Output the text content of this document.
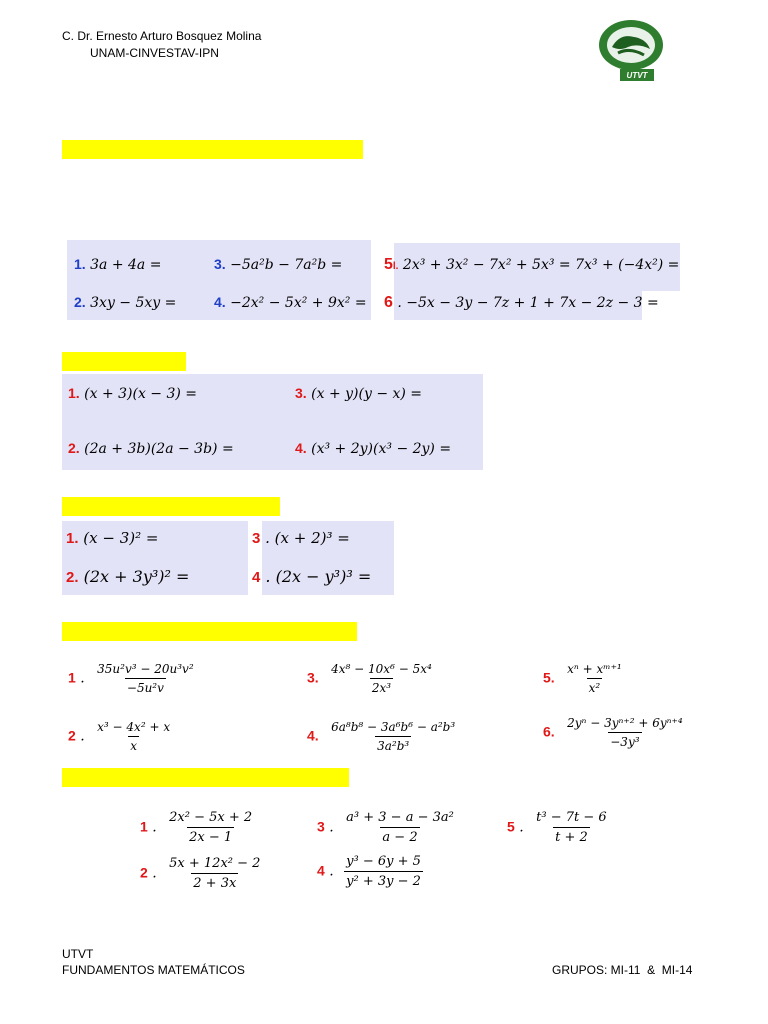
C. Dr. Ernesto Arturo Bosquez Molina
UNAM-CINVESTAV-IPN
UTVT
1. 3a + 4a =
2. 3xy − 5xy =
3. −5a²b − 7a²b =
4. −2x² − 5x² + 9x² =
5l. 2x³ + 3x² − 7x² + 5x³ = 7x³ + (−4x²) =
6 . −5x − 3y − 7z + 1 + 7x − 2z − 3 =
1. (x + 3)(x − 3) =
2. (2a + 3b)(2a − 3b) =
3. (x + y)(y − x) =
4. (x³ + 2y)(x³ − 2y) =
1. (x − 3)² =
2. (2x + 3y³)² =
3 . (x + 2)³ =
4 . (2x − y³)³ =
1 . $\frac{\text{35u²v³ − 20u³v²}}{\text{−5u²v}}$
2 . $\frac{\text{x³ − 4x² + x}}{x}$
3. $\frac{\text{4x⁸ − 10x⁶ − 5x⁴}}{\text{2x³}}$
4. $\frac{\text{6a⁸b⁸ − 3a⁶b⁶ − a²b³}}{\text{3a²b³}}$
5. $\frac{\text{xⁿ + xᵐ⁺¹}}{\text{x²}}$
6. $\frac{\text{2yⁿ − 3yⁿ⁺² + 6yⁿ⁺⁴}}{\text{−3y³}}$
1 . $\frac{\text{2x² − 5x + 2}}{2x - 1}$
2 . $\frac{\text{5x + 12x² − 2}}{2 + 3x}$
3 . $\frac{\text{a³ + 3 − a − 3a²}}{a - 2}$
4 . $\frac{\text{y³ − 6y + 5}}{\text{y² + 3y − 2}}$
5 . $\frac{\text{t³ − 7t − 6}}{t + 2}$
UTVT
FUNDAMENTOS MATEMÁTICOS	GRUPOS: MI-11  &  MI-14
